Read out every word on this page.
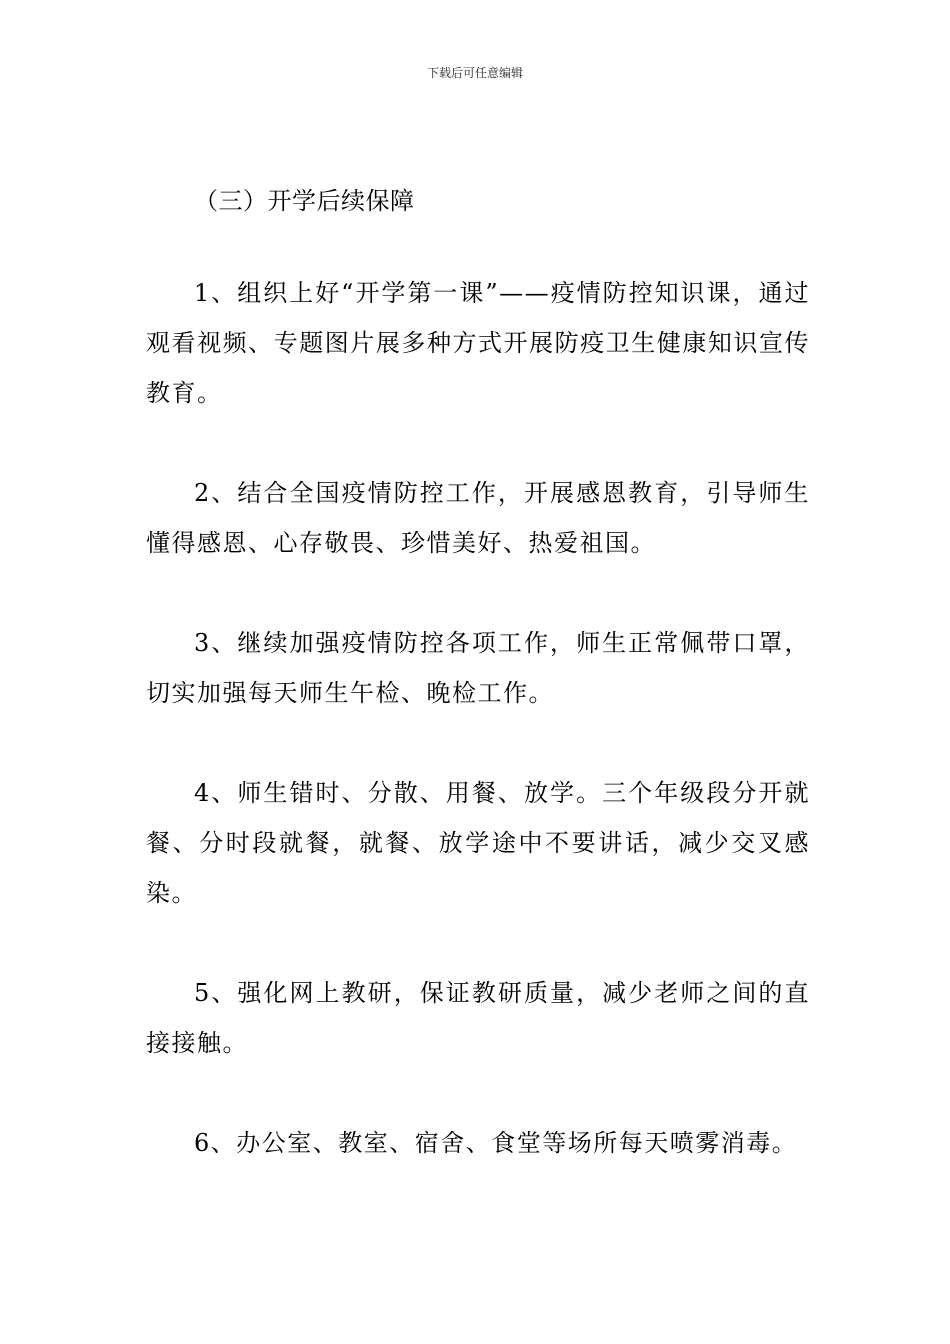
下载后可任意编辑

（三）开学后续保障

1、组织上好“开学第一课”——疫情防控知识课，通过观看视频、专题图片展多种方式开展防疫卫生健康知识宣传教育。

2、结合全国疫情防控工作，开展感恩教育，引导师生懂得感恩、心存敬畏、珍惜美好、热爱祖国。

3、继续加强疫情防控各项工作，师生正常佩带口罩，切实加强每天师生午检、晚检工作。

4、师生错时、分散、用餐、放学。三个年级段分开就餐、分时段就餐，就餐、放学途中不要讲话，减少交叉感染。

5、强化网上教研，保证教研质量，减少老师之间的直接接触。

6、办公室、教室、宿舍、食堂等场所每天喷雾消毒。
